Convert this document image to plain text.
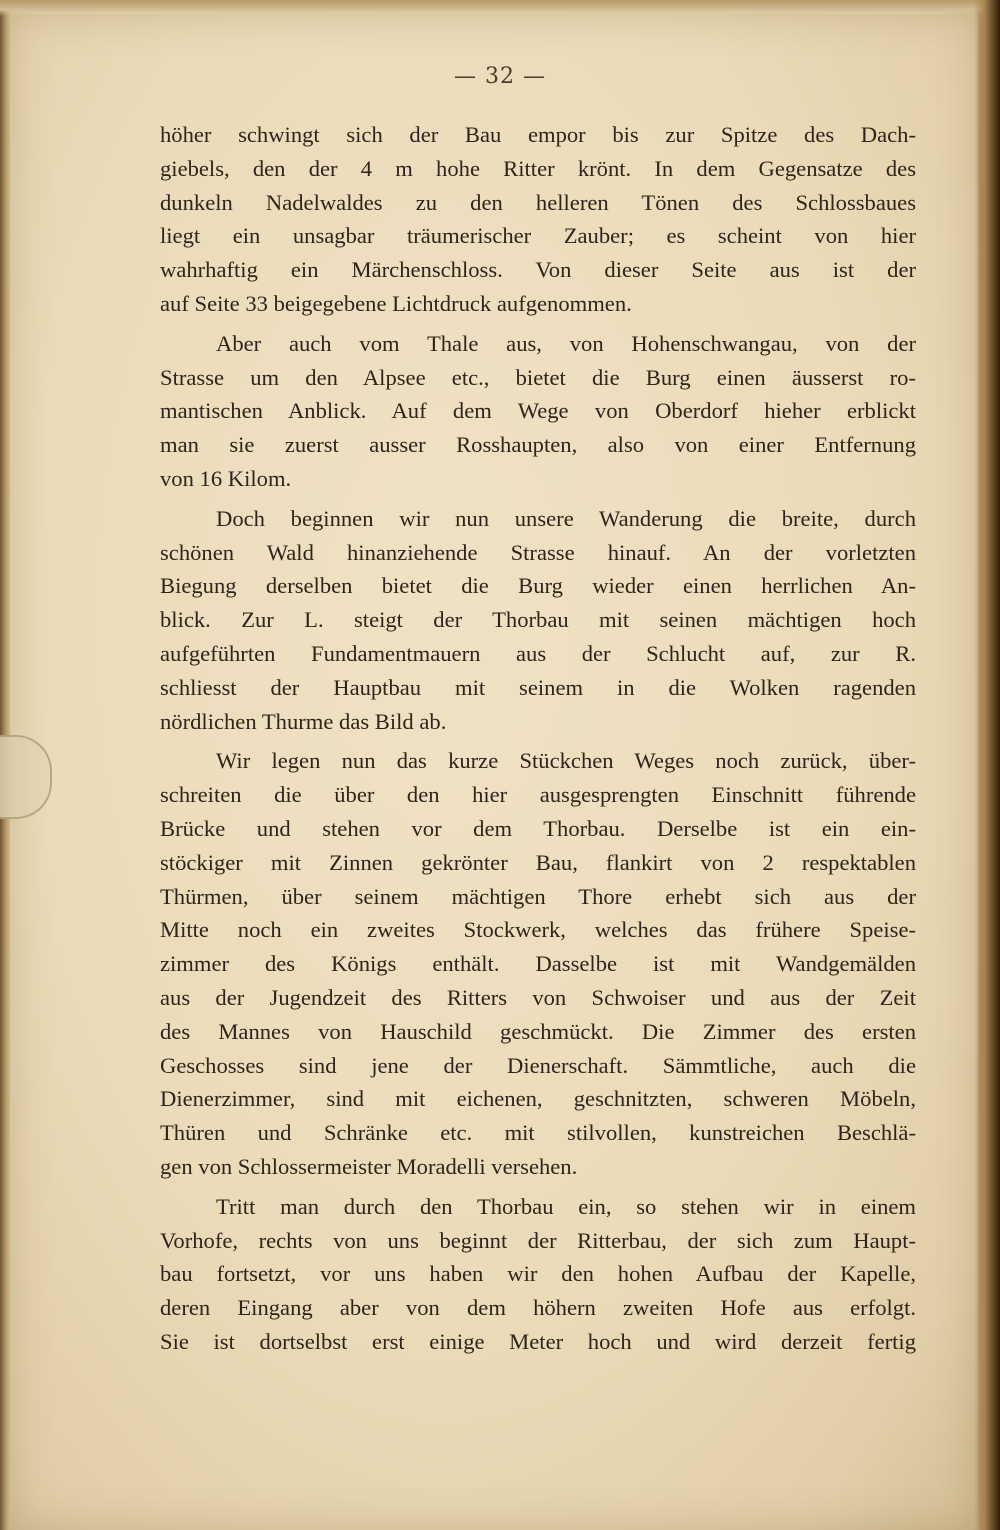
— 32 —
höher schwingt sich der Bau empor bis zur Spitze des Dach-
giebels, den der 4 m hohe Ritter krönt. In dem Gegensatze des
dunkeln Nadelwaldes zu den helleren Tönen des Schlossbaues
liegt ein unsagbar träumerischer Zauber; es scheint von hier
wahrhaftig ein Märchenschloss. Von dieser Seite aus ist der
auf Seite 33 beigegebene Lichtdruck aufgenommen.
Aber auch vom Thale aus, von Hohenschwangau, von der
Strasse um den Alpsee etc., bietet die Burg einen äusserst ro-
mantischen Anblick. Auf dem Wege von Oberdorf hieher erblickt
man sie zuerst ausser Rosshaupten, also von einer Entfernung
von 16 Kilom.
Doch beginnen wir nun unsere Wanderung die breite, durch
schönen Wald hinanziehende Strasse hinauf. An der vorletzten
Biegung derselben bietet die Burg wieder einen herrlichen An-
blick. Zur L. steigt der Thorbau mit seinen mächtigen hoch
aufgeführten Fundamentmauern aus der Schlucht auf, zur R.
schliesst der Hauptbau mit seinem in die Wolken ragenden
nördlichen Thurme das Bild ab.
Wir legen nun das kurze Stückchen Weges noch zurück, über-
schreiten die über den hier ausgesprengten Einschnitt führende
Brücke und stehen vor dem Thorbau. Derselbe ist ein ein-
stöckiger mit Zinnen gekrönter Bau, flankirt von 2 respektablen
Thürmen, über seinem mächtigen Thore erhebt sich aus der
Mitte noch ein zweites Stockwerk, welches das frühere Speise-
zimmer des Königs enthält. Dasselbe ist mit Wandgemälden
aus der Jugendzeit des Ritters von Schwoiser und aus der Zeit
des Mannes von Hauschild geschmückt. Die Zimmer des ersten
Geschosses sind jene der Dienerschaft. Sämmtliche, auch die
Dienerzimmer, sind mit eichenen, geschnitzten, schweren Möbeln,
Thüren und Schränke etc. mit stilvollen, kunstreichen Beschlä-
gen von Schlossermeister Moradelli versehen.
Tritt man durch den Thorbau ein, so stehen wir in einem
Vorhofe, rechts von uns beginnt der Ritterbau, der sich zum Haupt-
bau fortsetzt, vor uns haben wir den hohen Aufbau der Kapelle,
deren Eingang aber von dem höhern zweiten Hofe aus erfolgt.
Sie ist dortselbst erst einige Meter hoch und wird derzeit fertig
